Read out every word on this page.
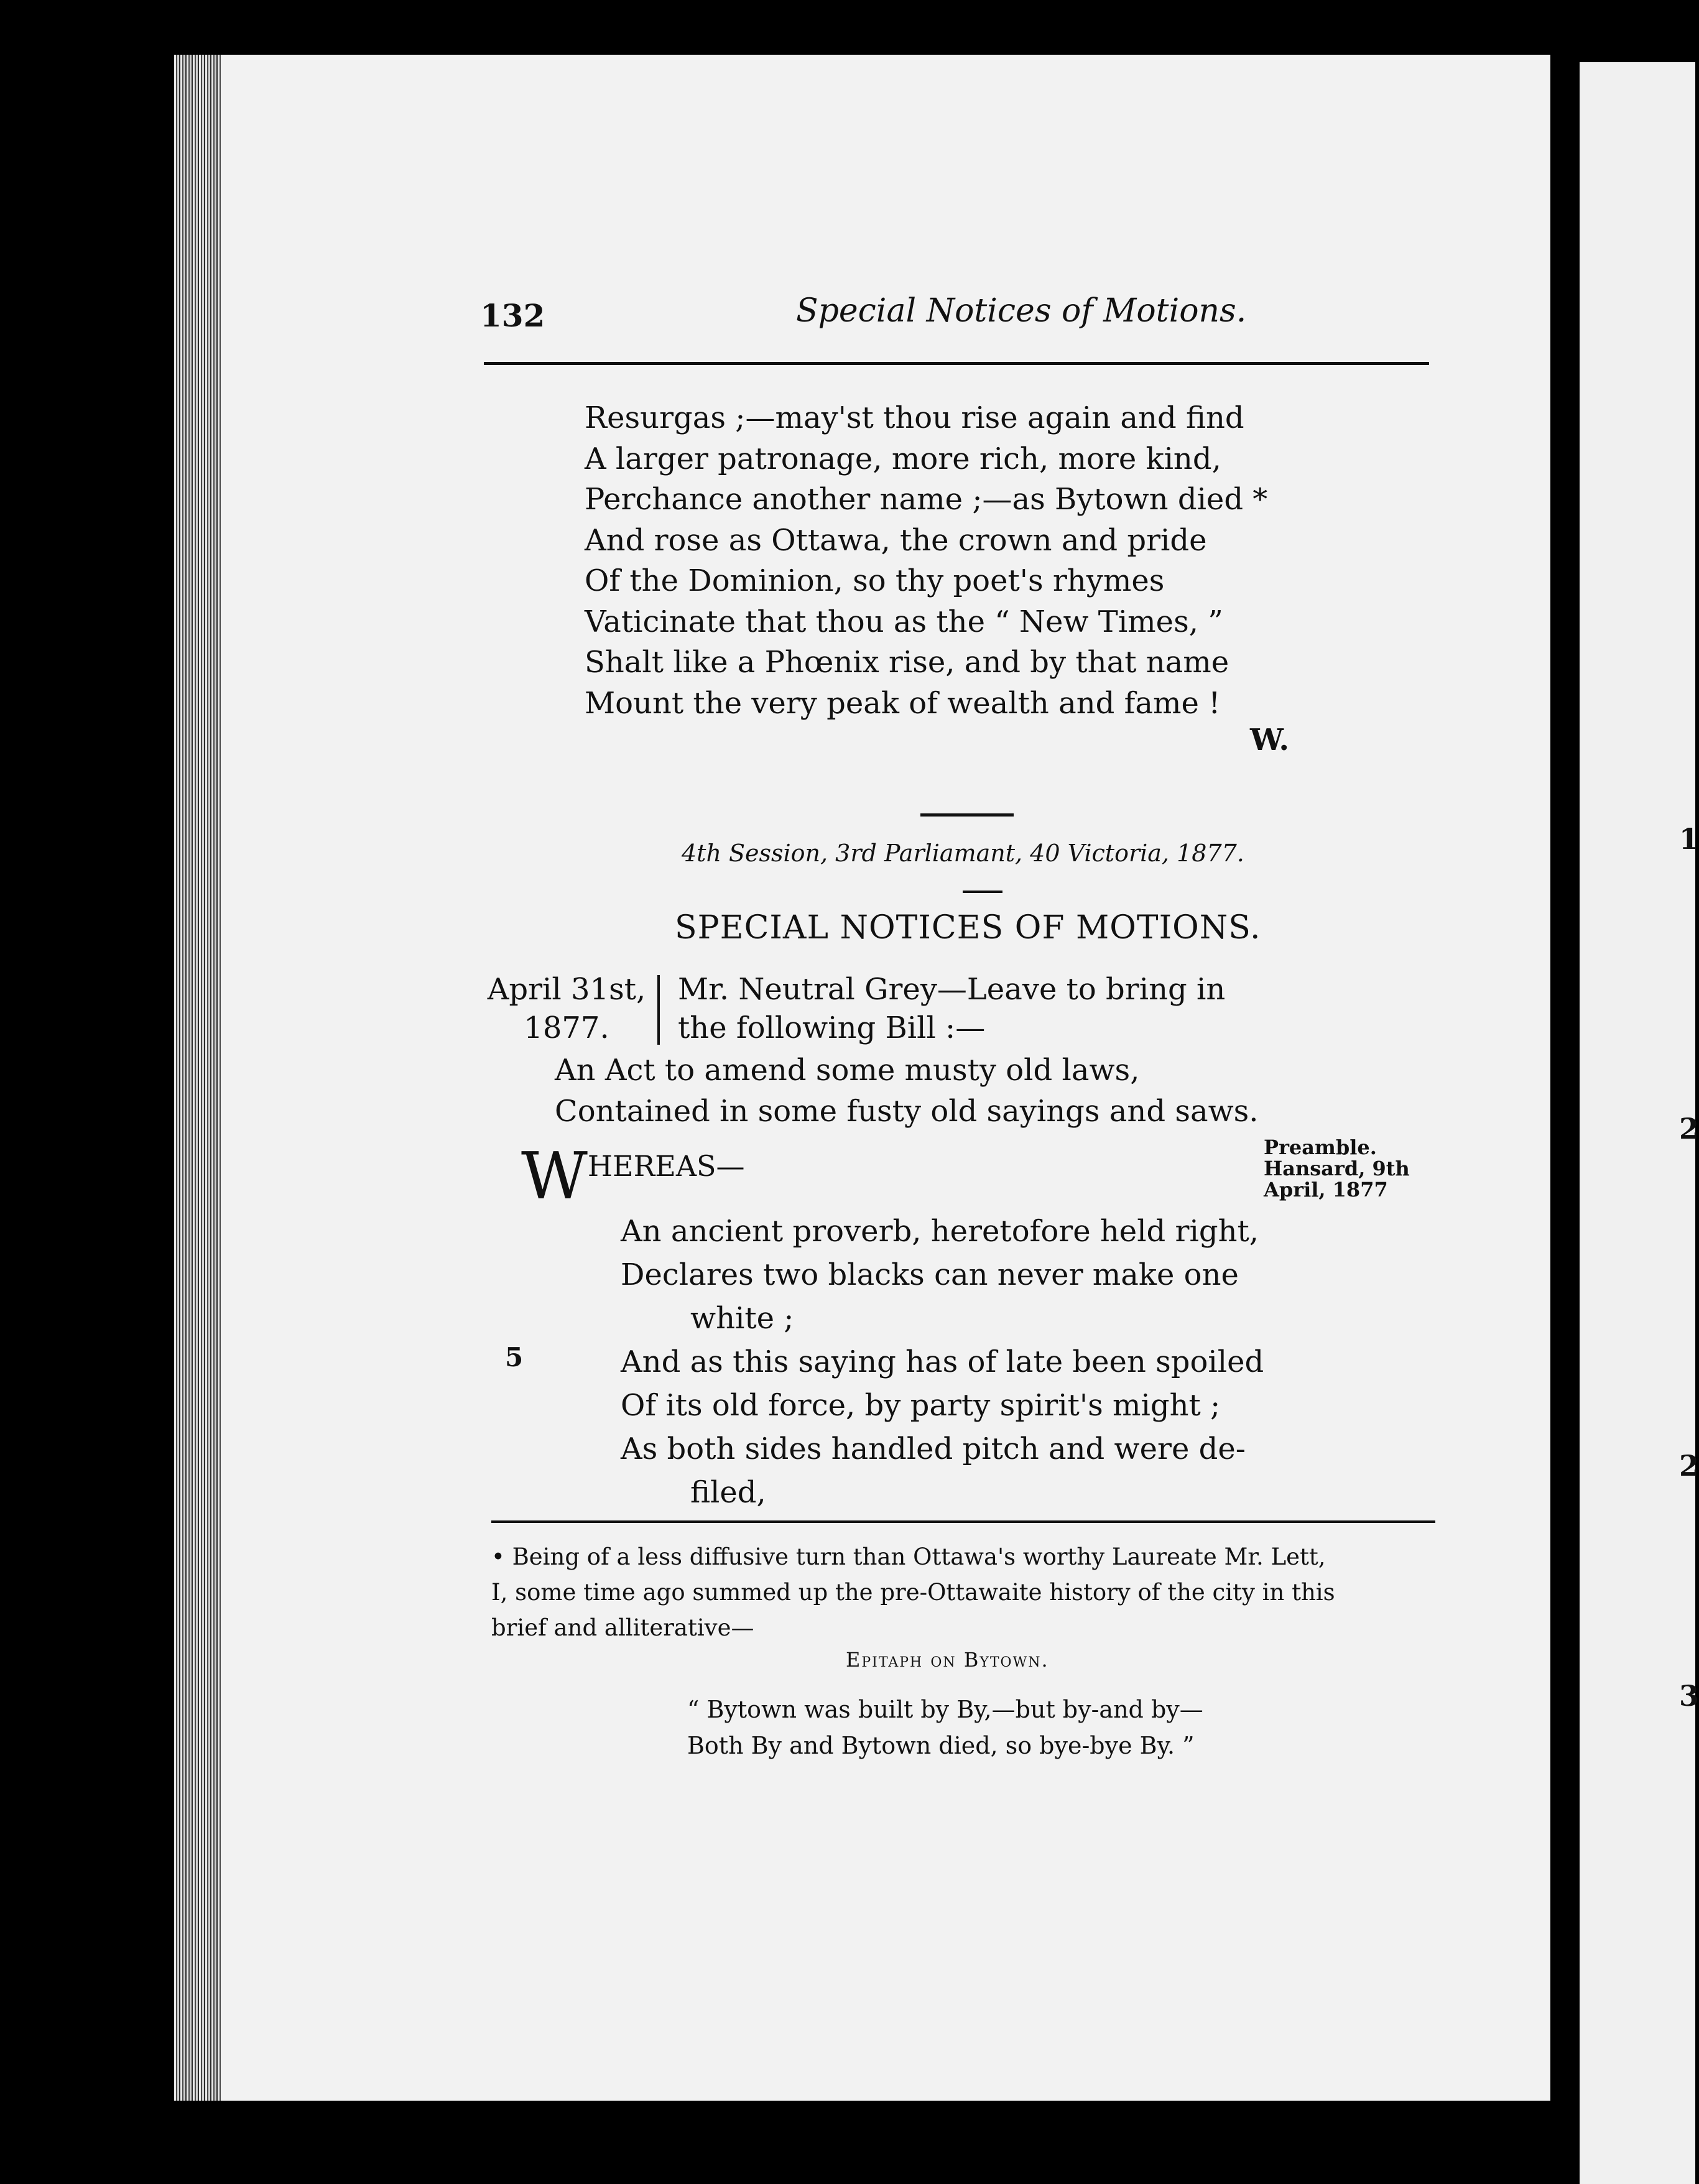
1
2
2
3
132	Special Notices of Motions.
Resurgas ;—may'st thou rise again and find
A larger patronage, more rich, more kind,
Perchance another name ;—as Bytown died *
And rose as Ottawa, the crown and pride
Of the Dominion, so thy poet's rhymes
Vaticinate that thou as the “ New Times, ”
Shalt like a Phœnix rise, and by that name
Mount the very peak of wealth and fame !
W.
4th Session, 3rd Parliamant, 40 Victoria, 1877.
SPECIAL NOTICES OF MOTIONS.
April 31st,
1877.
Mr. Neutral Grey—Leave to bring in
the following Bill :—
An Act to amend some musty old laws,
Contained in some fusty old sayings and saws.
WHEREAS—
Preamble.
Hansard, 9th
April, 1877
5
An ancient proverb, heretofore held right,
Declares two blacks can never make one
white ;
And as this saying has of late been spoiled
Of its old force, by party spirit's might ;
As both sides handled pitch and were de-
filed,
• Being of a less diffusive turn than Ottawa's worthy Laureate Mr. Lett,
I, some time ago summed up the pre-Ottawaite history of the city in this
brief and alliterative—
Epitaph on Bytown.
“ Bytown was built by By,—but by-and by—
Both By and Bytown died, so bye-bye By. ”
